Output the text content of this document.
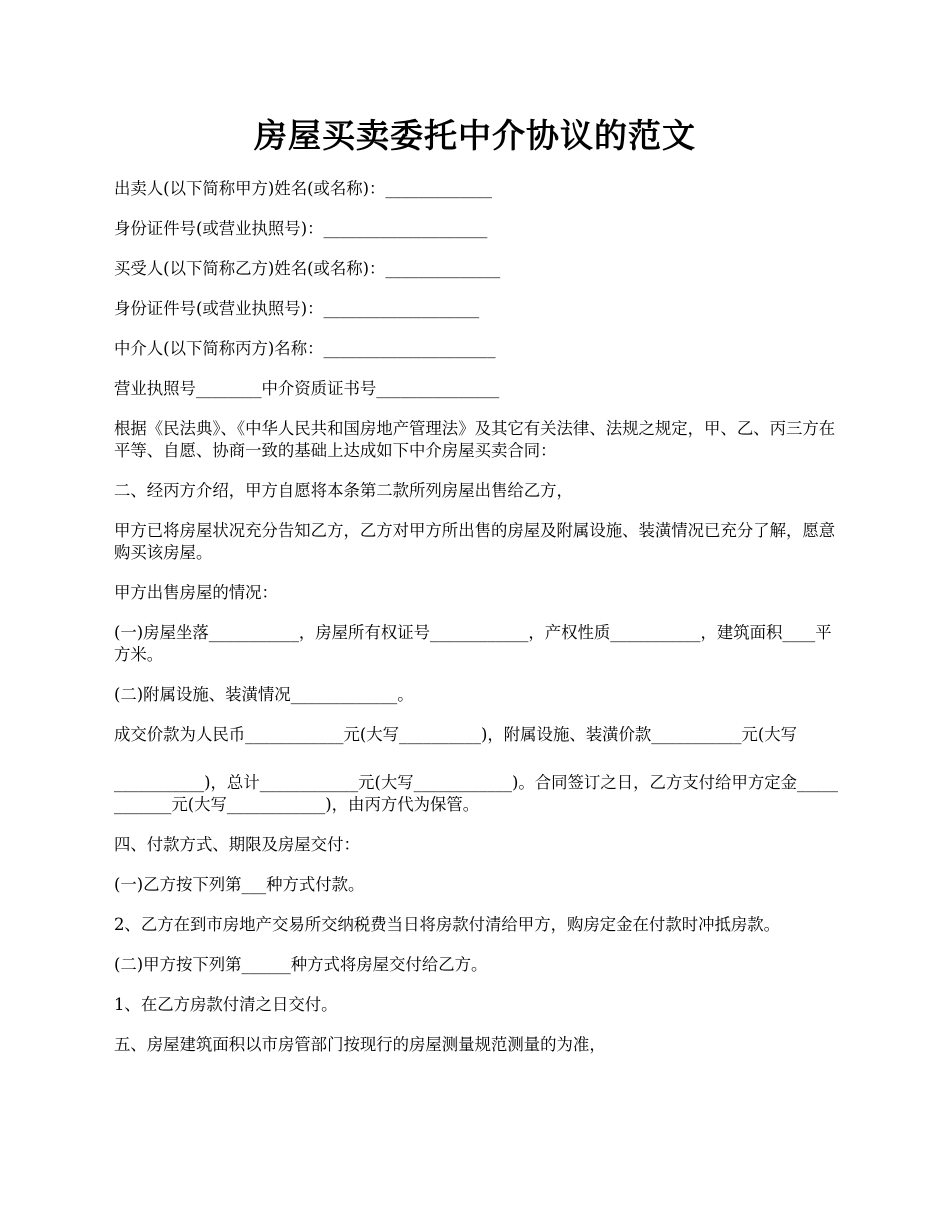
房屋买卖委托中介协议的范文

出卖人(以下简称甲方)姓名(或名称)：_____________

身份证件号(或营业执照号)：____________________

买受人(以下简称乙方)姓名(或名称)：______________

身份证件号(或营业执照号)：___________________

中介人(以下简称丙方)名称：_____________________

营业执照号________中介资质证书号_______________

根据《民法典》、《中华人民共和国房地产管理法》及其它有关法律、法规之规定，甲、乙、丙三方在平等、自愿、协商一致的基础上达成如下中介房屋买卖合同：

二、经丙方介绍，甲方自愿将本条第二款所列房屋出售给乙方，

甲方已将房屋状况充分告知乙方，乙方对甲方所出售的房屋及附属设施、装潢情况已充分了解，愿意购买该房屋。

甲方出售房屋的情况：

(一)房屋坐落___________，房屋所有权证号____________，产权性质___________，建筑面积____平方米。

(二)附属设施、装潢情况_____________。

成交价款为人民币____________元(大写__________)，附属设施、装潢价款___________元(大写

___________)，总计____________元(大写____________)。合同签订之日，乙方支付给甲方定金____________元(大写____________)，由丙方代为保管。

四、付款方式、期限及房屋交付：

(一)乙方按下列第___种方式付款。

2、乙方在到市房地产交易所交纳税费当日将房款付清给甲方，购房定金在付款时冲抵房款。

(二)甲方按下列第______种方式将房屋交付给乙方。

1、在乙方房款付清之日交付。

五、房屋建筑面积以市房管部门按现行的房屋测量规范测量的为准，
